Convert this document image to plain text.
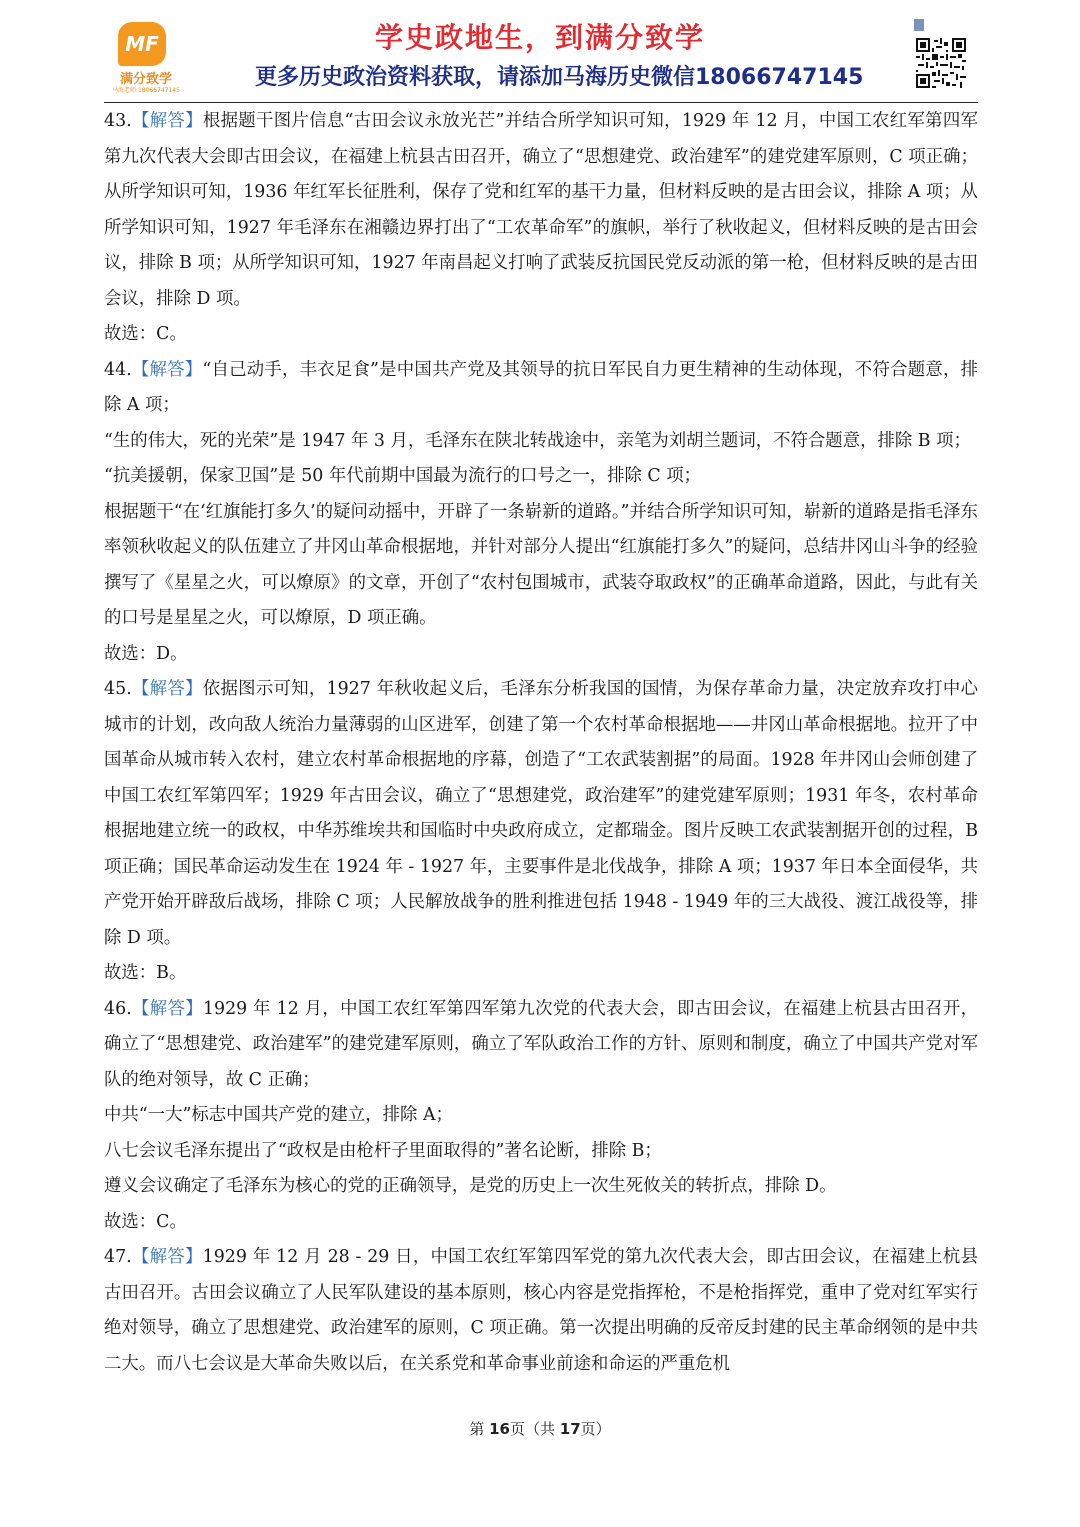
MF
满分致学
马海老师 18066747145
学史政地生，到满分致学
更多历史政治资料获取，请添加马海历史微信18066747145

43.【解答】根据题干图片信息“古田会议永放光芒”并结合所学知识可知，1929 年 12 月，中国工农红军第四军第九次代表大会即古田会议，在福建上杭县古田召开，确立了“思想建党、政治建军”的建党建军原则，C 项正确；从所学知识可知，1936 年红军长征胜利，保存了党和红军的基干力量，但材料反映的是古田会议，排除 A 项；从所学知识可知，1927 年毛泽东在湘赣边界打出了“工农革命军”的旗帜，举行了秋收起义，但材料反映的是古田会议，排除 B 项；从所学知识可知，1927 年南昌起义打响了武装反抗国民党反动派的第一枪，但材料反映的是古田会议，排除 D 项。

故选：C。

44.【解答】“自己动手，丰衣足食”是中国共产党及其领导的抗日军民自力更生精神的生动体现，不符合题意，排除 A 项；

“生的伟大，死的光荣”是 1947 年 3 月，毛泽东在陕北转战途中，亲笔为刘胡兰题词，不符合题意，排除 B 项；

“抗美援朝，保家卫国”是 50 年代前期中国最为流行的口号之一，排除 C 项；

根据题干“在‘红旗能打多久’的疑问动摇中，开辟了一条崭新的道路。”并结合所学知识可知，崭新的道路是指毛泽东率领秋收起义的队伍建立了井冈山革命根据地，并针对部分人提出“红旗能打多久”的疑问，总结井冈山斗争的经验撰写了《星星之火，可以燎原》的文章，开创了“农村包围城市，武装夺取政权”的正确革命道路，因此，与此有关的口号是星星之火，可以燎原，D 项正确。

故选：D。

45.【解答】依据图示可知，1927 年秋收起义后，毛泽东分析我国的国情，为保存革命力量，决定放弃攻打中心城市的计划，改向敌人统治力量薄弱的山区进军，创建了第一个农村革命根据地——井冈山革命根据地。拉开了中国革命从城市转入农村，建立农村革命根据地的序幕，创造了“工农武装割据”的局面。1928 年井冈山会师创建了中国工农红军第四军；1929 年古田会议，确立了“思想建党，政治建军”的建党建军原则；1931 年冬，农村革命根据地建立统一的政权，中华苏维埃共和国临时中央政府成立，定都瑞金。图片反映工农武装割据开创的过程，B 项正确；国民革命运动发生在 1924 年 - 1927 年，主要事件是北伐战争，排除 A 项；1937 年日本全面侵华，共产党开始开辟敌后战场，排除 C 项；人民解放战争的胜利推进包括 1948 - 1949 年的三大战役、渡江战役等，排除 D 项。

故选：B。

46.【解答】1929 年 12 月，中国工农红军第四军第九次党的代表大会，即古田会议，在福建上杭县古田召开，确立了“思想建党、政治建军”的建党建军原则，确立了军队政治工作的方针、原则和制度，确立了中国共产党对军队的绝对领导，故 C 正确；

中共“一大”标志中国共产党的建立，排除 A；

八七会议毛泽东提出了“政权是由枪杆子里面取得的”著名论断，排除 B；

遵义会议确定了毛泽东为核心的党的正确领导，是党的历史上一次生死攸关的转折点，排除 D。

故选：C。

47.【解答】1929 年 12 月 28 - 29 日，中国工农红军第四军党的第九次代表大会，即古田会议，在福建上杭县古田召开。古田会议确立了人民军队建设的基本原则，核心内容是党指挥枪，不是枪指挥党，重申了党对红军实行绝对领导，确立了思想建党、政治建军的原则，C 项正确。第一次提出明确的反帝反封建的民主革命纲领的是中共二大。而八七会议是大革命失败以后，在关系党和革命事业前途和命运的严重危机

第 16页（共 17页）
